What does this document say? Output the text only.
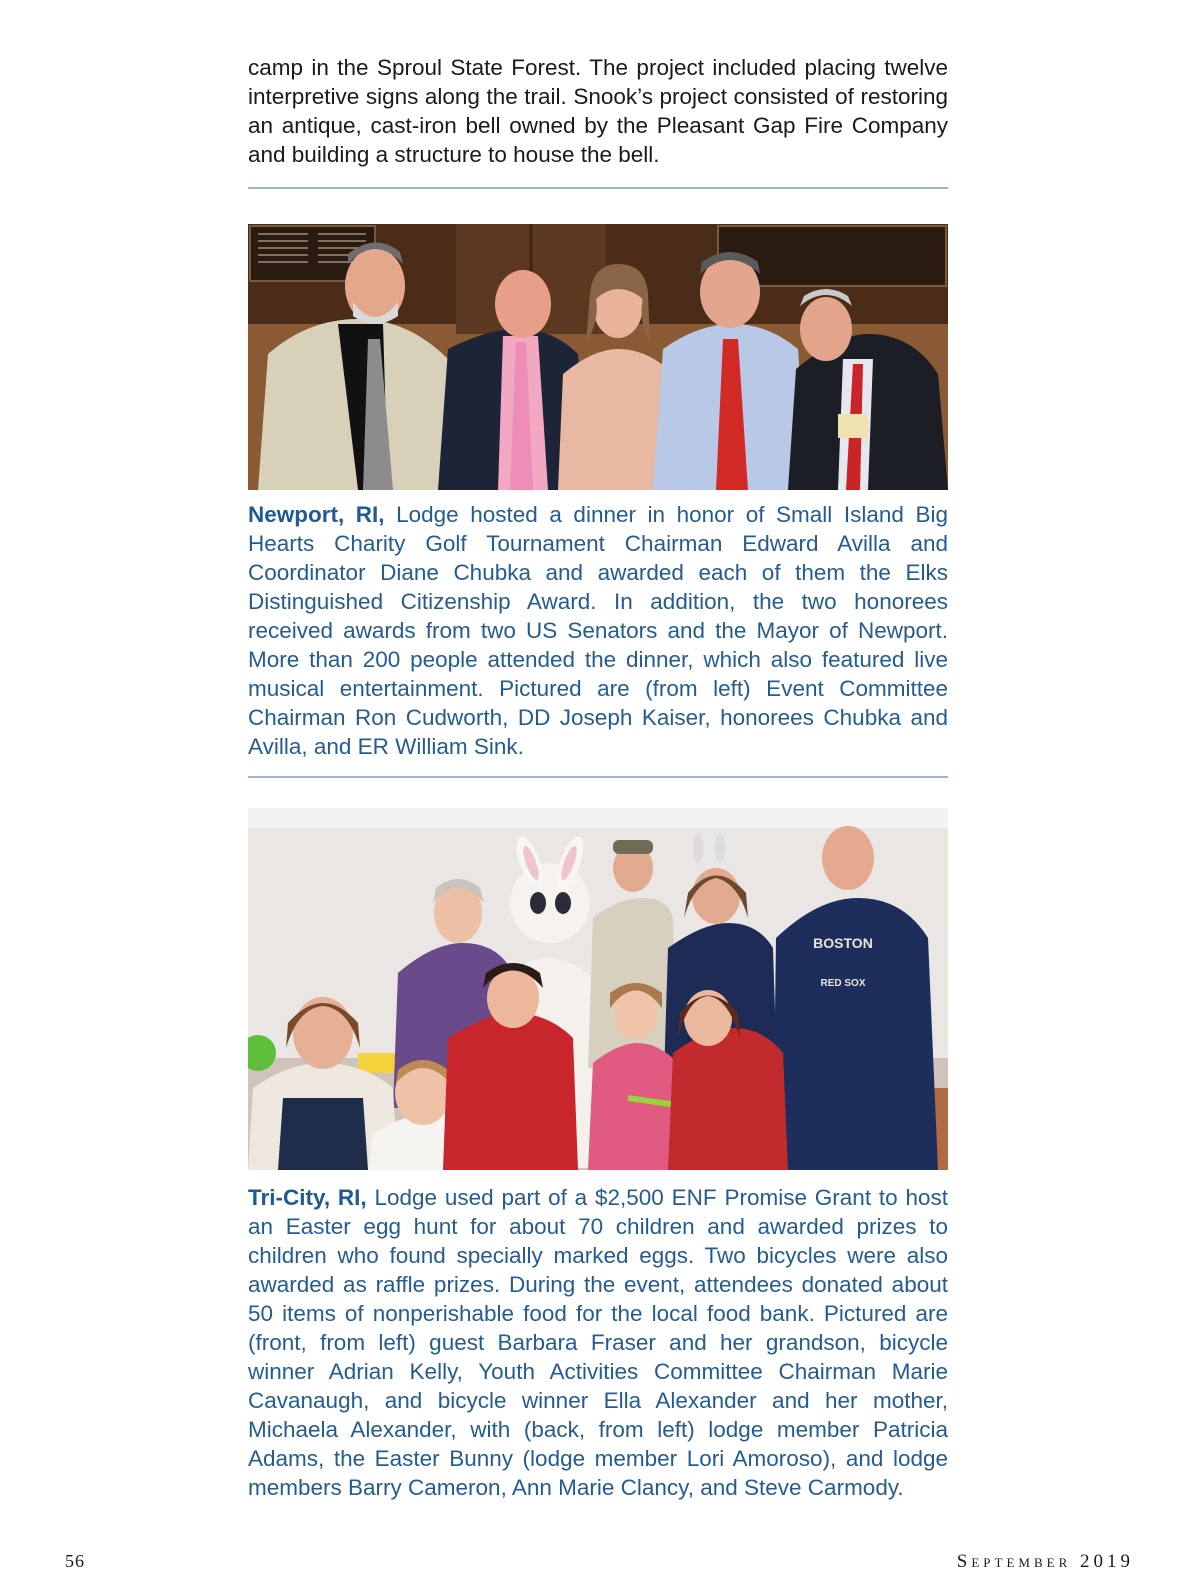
camp in the Sproul State Forest. The project included placing twelve interpretive signs along the trail. Snook’s project consisted of restoring an antique, cast-iron bell owned by the Pleasant Gap Fire Company and building a structure to house the bell.

Newport, RI, Lodge hosted a dinner in honor of Small Island Big Hearts Charity Golf Tournament Chairman Edward Avilla and Coordinator Diane Chubka and awarded each of them the Elks Distinguished Citizenship Award. In addition, the two honorees received awards from two US Senators and the Mayor of Newport. More than 200 people attended the dinner, which also featured live musical entertainment. Pictured are (from left) Event Committee Chairman Ron Cudworth, DD Joseph Kaiser, honorees Chubka and Avilla, and ER William Sink.

BOSTON
RED SOX

Tri-City, RI, Lodge used part of a $2,500 ENF Promise Grant to host an Easter egg hunt for about 70 children and awarded prizes to children who found specially marked eggs. Two bicycles were also awarded as raffle prizes. During the event, attendees donated about 50 items of nonperishable food for the local food bank. Pictured are (front, from left) guest Barbara Fraser and her grandson, bicycle winner Adrian Kelly, Youth Activities Committee Chairman Marie Cavanaugh, and bicycle winner Ella Alexander and her mother, Michaela Alexander, with (back, from left) lodge member Patricia Adams, the Easter Bunny (lodge member Lori Amoroso), and lodge members Barry Cameron, Ann Marie Clancy, and Steve Carmody.

56	September 2019
